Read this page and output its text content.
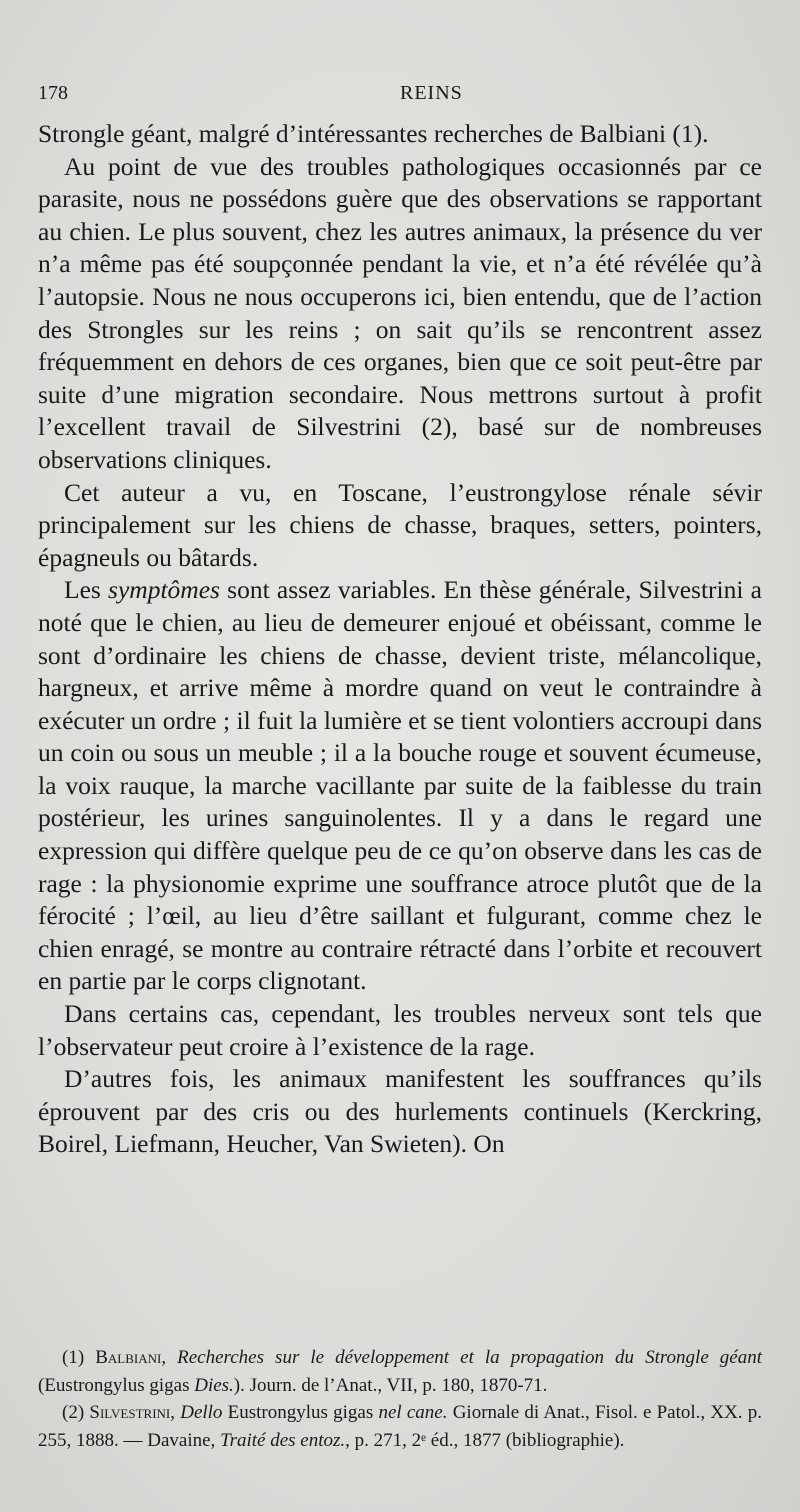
178	REINS

Strongle géant, malgré d’intéressantes recherches de Balbiani (1).

Au point de vue des troubles pathologiques occasionnés par ce parasite, nous ne possédons guère que des observations se rapportant au chien. Le plus souvent, chez les autres animaux, la présence du ver n’a même pas été soupçonnée pendant la vie, et n’a été révélée qu’à l’autopsie. Nous ne nous occuperons ici, bien entendu, que de l’action des Strongles sur les reins ; on sait qu’ils se rencontrent assez fréquemment en dehors de ces organes, bien que ce soit peut-être par suite d’une migration secondaire. Nous mettrons surtout à profit l’excellent travail de Silvestrini (2), basé sur de nombreuses observations cliniques.

Cet auteur a vu, en Toscane, l’eustrongylose rénale sévir principalement sur les chiens de chasse, braques, setters, pointers, épagneuls ou bâtards.

Les symptômes sont assez variables. En thèse générale, Silvestrini a noté que le chien, au lieu de demeurer enjoué et obéissant, comme le sont d’ordinaire les chiens de chasse, devient triste, mélancolique, hargneux, et arrive même à mordre quand on veut le contraindre à exécuter un ordre ; il fuit la lumière et se tient volontiers accroupi dans un coin ou sous un meuble ; il a la bouche rouge et souvent écumeuse, la voix rauque, la marche vacillante par suite de la faiblesse du train postérieur, les urines sanguinolentes. Il y a dans le regard une expression qui diffère quelque peu de ce qu’on observe dans les cas de rage : la physionomie exprime une souffrance atroce plutôt que de la férocité ; l’œil, au lieu d’être saillant et fulgurant, comme chez le chien enragé, se montre au contraire rétracté dans l’orbite et recouvert en partie par le corps clignotant.

Dans certains cas, cependant, les troubles nerveux sont tels que l’observateur peut croire à l’existence de la rage.

D’autres fois, les animaux manifestent les souffrances qu’ils éprouvent par des cris ou des hurlements continuels (Kerckring, Boirel, Liefmann, Heucher, Van Swieten). On

(1) Balbiani, Recherches sur le développement et la propagation du Strongle géant (Eustrongylus gigas Dies.). Journ. de l’Anat., VII, p. 180, 1870-71.

(2) Silvestrini, Dello Eustrongylus gigas nel cane. Giornale di Anat., Fisol. e Patol., XX. p. 255, 1888. — Davaine, Traité des entoz., p. 271, 2ᵉ éd., 1877 (bibliographie).
